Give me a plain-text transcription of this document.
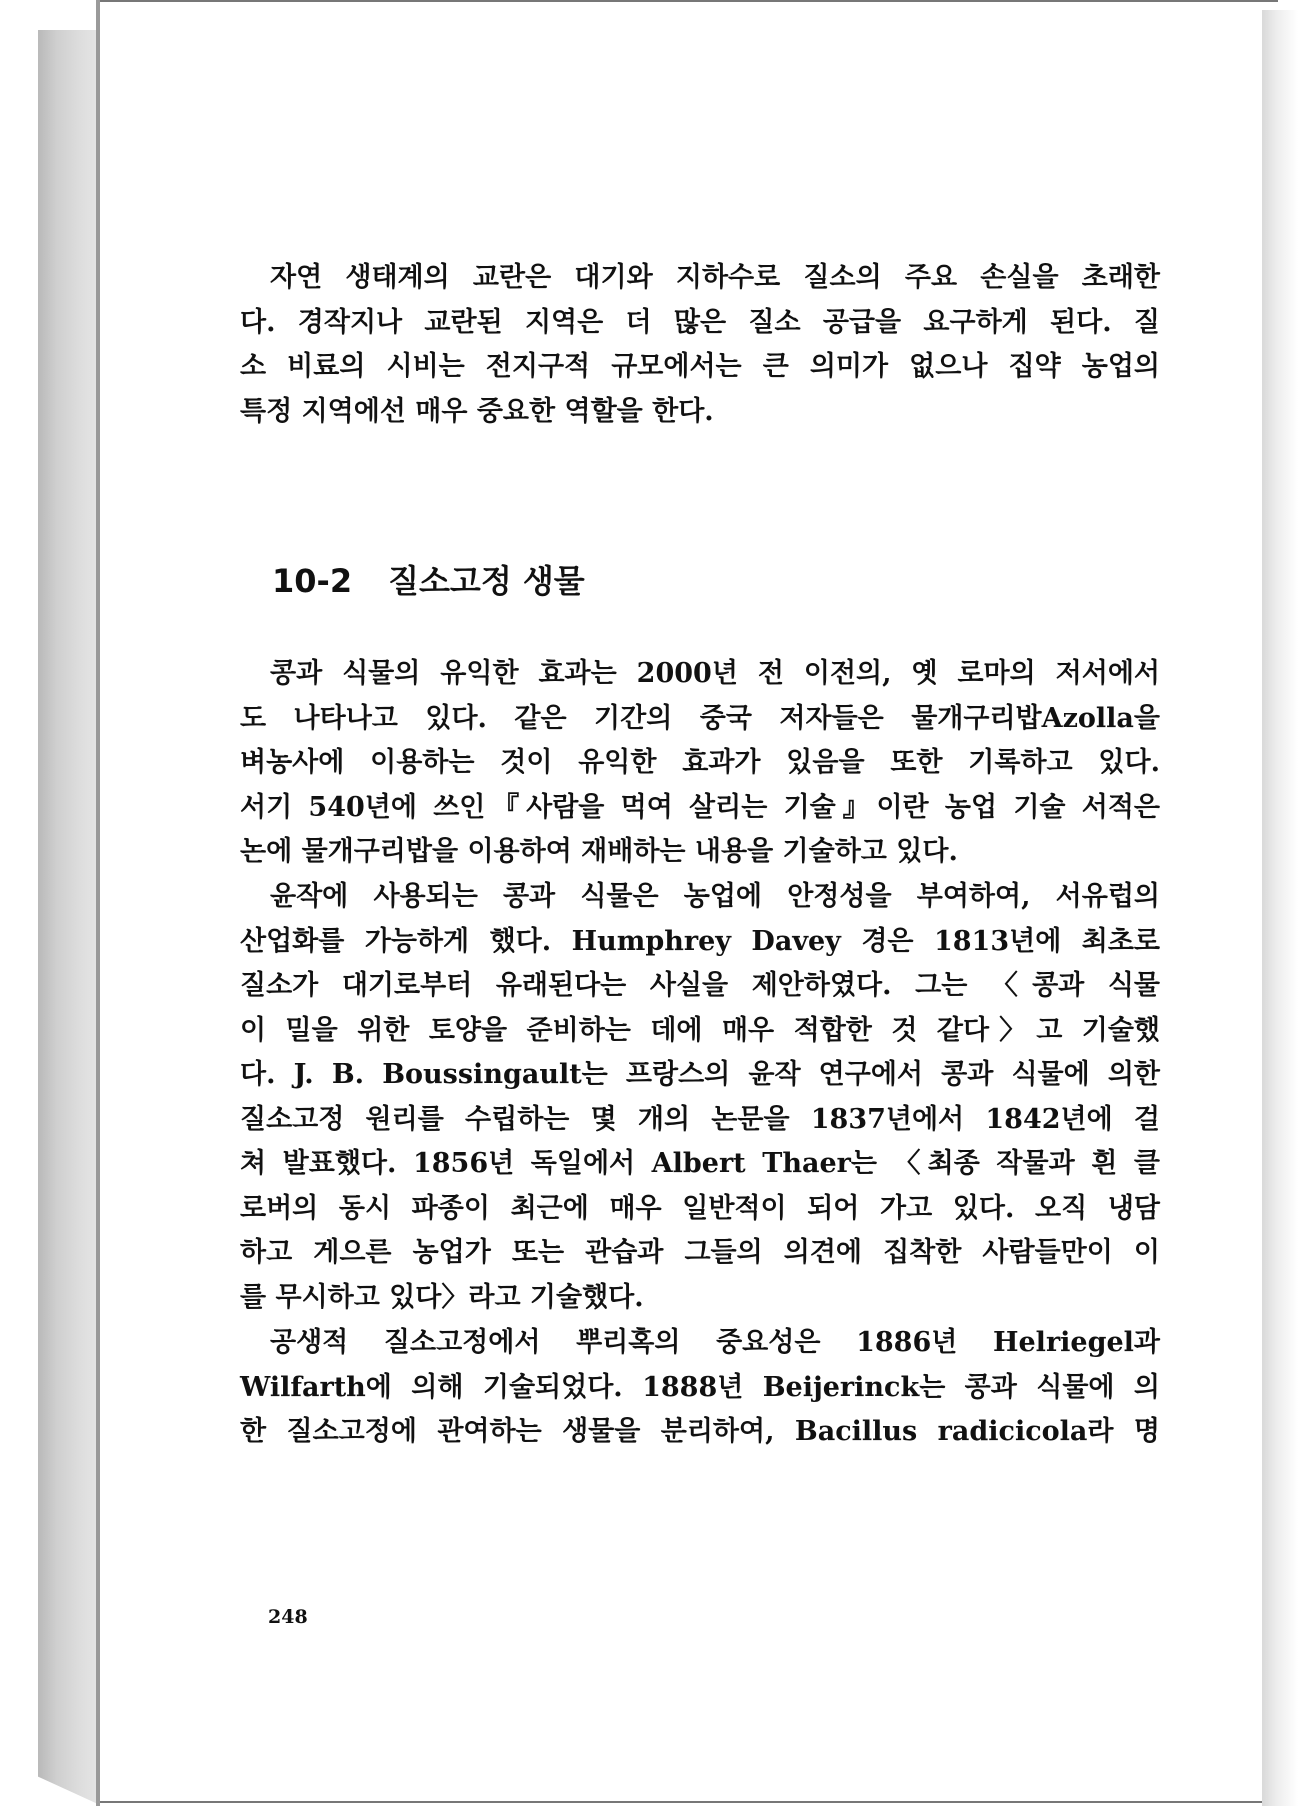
자연 생태계의 교란은 대기와 지하수로 질소의 주요 손실을 초래한
다. 경작지나 교란된 지역은 더 많은 질소 공급을 요구하게 된다. 질
소 비료의 시비는 전지구적 규모에서는 큰 의미가 없으나 집약 농업의
특정 지역에선 매우 중요한 역할을 한다.
10-2 질소고정 생물
콩과 식물의 유익한 효과는 2000년 전 이전의, 옛 로마의 저서에서
도 나타나고 있다. 같은 기간의 중국 저자들은 물개구리밥Azolla을
벼농사에 이용하는 것이 유익한 효과가 있음을 또한 기록하고 있다.
서기 540년에 쓰인『사람을 먹여 살리는 기술』이란 농업 기술 서적은
논에 물개구리밥을 이용하여 재배하는 내용을 기술하고 있다.
윤작에 사용되는 콩과 식물은 농업에 안정성을 부여하여, 서유럽의
산업화를 가능하게 했다. Humphrey Davey 경은 1813년에 최초로
질소가 대기로부터 유래된다는 사실을 제안하였다. 그는 〈콩과 식물
이 밀을 위한 토양을 준비하는 데에 매우 적합한 것 같다〉고 기술했
다. J. B. Boussingault는 프랑스의 윤작 연구에서 콩과 식물에 의한
질소고정 원리를 수립하는 몇 개의 논문을 1837년에서 1842년에 걸
쳐 발표했다. 1856년 독일에서 Albert Thaer는 〈최종 작물과 흰 클
로버의 동시 파종이 최근에 매우 일반적이 되어 가고 있다. 오직 냉담
하고 게으른 농업가 또는 관습과 그들의 의견에 집착한 사람들만이 이
를 무시하고 있다〉라고 기술했다.
공생적 질소고정에서 뿌리혹의 중요성은 1886년 Helriegel과
Wilfarth에 의해 기술되었다. 1888년 Beijerinck는 콩과 식물에 의
한 질소고정에 관여하는 생물을 분리하여, Bacillus radicicola라 명
248
